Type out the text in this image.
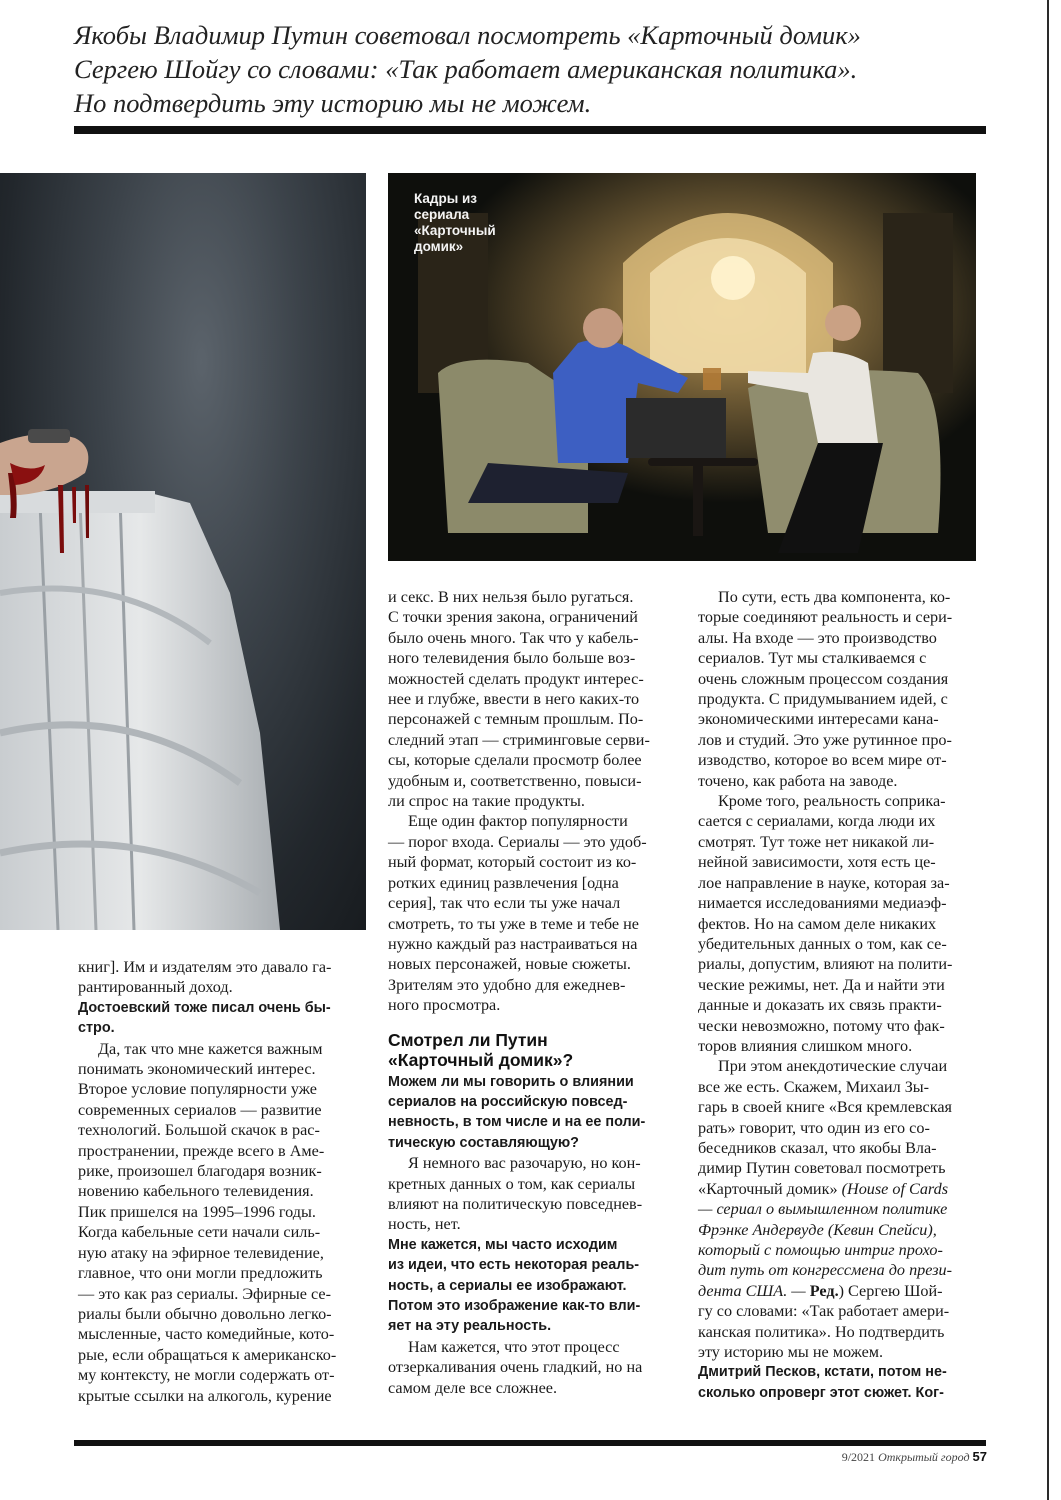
Якобы Владимир Путин советовал посмотреть «Карточный домик»
Сергею Шойгу со словами: «Так работает американская политика».
Но подтвердить эту историю мы не можем.

Кадры из
сериала
«Карточный
домик»

книг]. Им и издателям это давало га-
рантированный доход.

Достоевский тоже писал очень бы-
стро.

Да, так что мне кажется важным
понимать экономический интерес.
Второе условие популярности уже
современных сериалов — развитие
технологий. Большой скачок в рас-
пространении, прежде всего в Аме-
рике, произошел благодаря возник-
новению кабельного телевидения.
Пик пришелся на 1995–1996 годы.
Когда кабельные сети начали силь-
ную атаку на эфирное телевидение,
главное, что они могли предложить
— это как раз сериалы. Эфирные се-
риалы были обычно довольно легко-
мысленные, часто комедийные, кото-
рые, если обращаться к американско-
му контексту, не могли содержать от-
крытые ссылки на алкоголь, курение

и секс. В них нельзя было ругаться.
С точки зрения закона, ограничений
было очень много. Так что у кабель-
ного телевидения было больше воз-
можностей сделать продукт интерес-
нее и глубже, ввести в него каких-то
персонажей с темным прошлым. По-
следний этап — стриминговые серви-
сы, которые сделали просмотр более
удобным и, соответственно, повыси-
ли спрос на такие продукты.

Еще один фактор популярности
— порог входа. Сериалы — это удоб-
ный формат, который состоит из ко-
ротких единиц развлечения [одна
серия], так что если ты уже начал
смотреть, то ты уже в теме и тебе не
нужно каждый раз настраиваться на
новых персонажей, новые сюжеты.
Зрителям это удобно для ежеднев-
ного просмотра.

Смотрел ли Путин
«Карточный домик»?

Можем ли мы говорить о влиянии
сериалов на российскую повсед-
невность, в том числе и на ее поли-
тическую составляющую?

Я немного вас разочарую, но кон-
кретных данных о том, как сериалы
влияют на политическую повседнев-
ность, нет.

Мне кажется, мы часто исходим
из идеи, что есть некоторая реаль-
ность, а сериалы ее изображают.
Потом это изображение как-то вли-
яет на эту реальность.

Нам кажется, что этот процесс
отзеркаливания очень гладкий, но на
самом деле все сложнее.

По сути, есть два компонента, ко-
торые соединяют реальность и сери-
алы. На входе — это производство
сериалов. Тут мы сталкиваемся с
очень сложным процессом создания
продукта. С придумыванием идей, с
экономическими интересами кана-
лов и студий. Это уже рутинное про-
изводство, которое во всем мире от-
точено, как работа на заводе.

Кроме того, реальность соприка-
сается с сериалами, когда люди их
смотрят. Тут тоже нет никакой ли-
нейной зависимости, хотя есть це-
лое направление в науке, которая за-
нимается исследованиями медиаэф-
фектов. Но на самом деле никаких
убедительных данных о том, как се-
риалы, допустим, влияют на полити-
ческие режимы, нет. Да и найти эти
данные и доказать их связь практи-
чески невозможно, потому что фак-
торов влияния слишком много.

При этом анекдотические случаи
все же есть. Скажем, Михаил Зы-
гарь в своей книге «Вся кремлевская
рать» говорит, что один из его со-
беседников сказал, что якобы Вла-
димир Путин советовал посмотреть
«Карточный домик» (House of Cards
— сериал о вымышленном политике
Фрэнке Андервуде (Кевин Спейси),
который с помощью интриг прохо-
дит путь от конгрессмена до прези-
дента США. — Ред.) Сергею Шой-
гу со словами: «Так работает амери-
канская политика». Но подтвердить
эту историю мы не можем.

Дмитрий Песков, кстати, потом не-
сколько опроверг этот сюжет. Ког-

9/2021 Открытый город 57
